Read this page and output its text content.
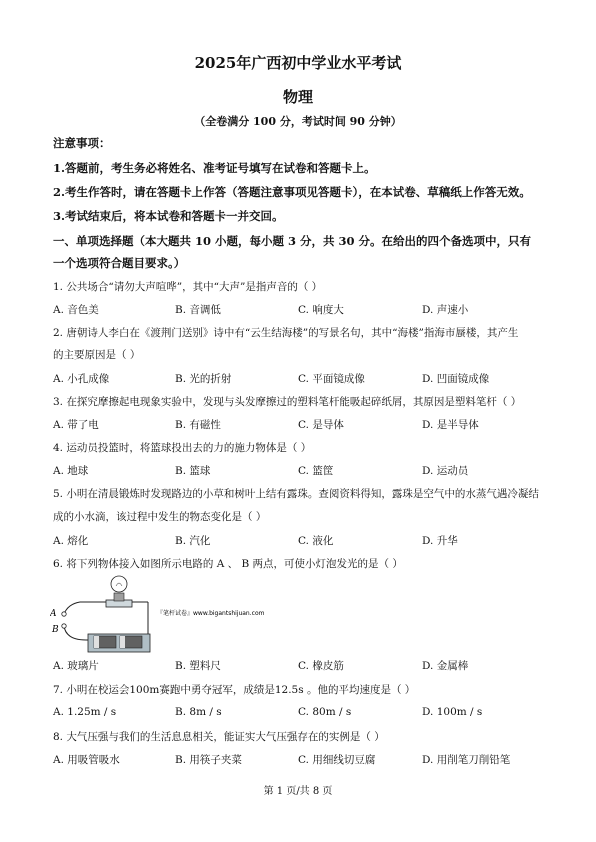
2025年广西初中学业水平考试
物理
（全卷满分 100 分，考试时间 90 分钟）
注意事项：
1.答题前，考生务必将姓名、准考证号填写在试卷和答题卡上。
2.考生作答时，请在答题卡上作答（答题注意事项见答题卡），在本试卷、草稿纸上作答无效。
3.考试结束后，将本试卷和答题卡一并交回。
一、单项选择题（本大题共 10 小题，每小题 3 分，共 30 分。在给出的四个备选项中，只有
一个选项符合题目要求。）
1. 公共场合“请勿大声喧哗”，其中“大声”是指声音的（ ）
A. 音色美	B. 音调低	C. 响度大	D. 声速小
2. 唐朝诗人李白在《渡荆门送别》诗中有“云生结海楼”的写景名句，其中“海楼”指海市蜃楼，其产生
的主要原因是（ ）
A. 小孔成像	B. 光的折射	C. 平面镜成像	D. 凹面镜成像
3. 在探究摩擦起电现象实验中，发现与头发摩擦过的塑料笔杆能吸起碎纸屑，其原因是塑料笔杆（ ）
A. 带了电	B. 有磁性	C. 是导体	D. 是半导体
4. 运动员投篮时，将篮球投出去的力的施力物体是（ ）
A. 地球	B. 篮球	C. 篮筐	D. 运动员
5. 小明在清晨锻炼时发现路边的小草和树叶上结有露珠。查阅资料得知，露珠是空气中的水蒸气遇冷凝结
成的小水滴，该过程中发生的物态变化是（ ）
A. 熔化	B. 汽化	C. 液化	D. 升华
6. 将下列物体接入如图所示电路的 A 、 B 两点，可使小灯泡发光的是（ ）
A
B
『笔杆试卷』www.bigantshijuan.com
A. 玻璃片	B. 塑料尺	C. 橡皮筋	D. 金属棒
7. 小明在校运会100m赛跑中勇夺冠军，成绩是12.5s 。他的平均速度是（ ）
A. 1.25m / s	B. 8m / s	C. 80m / s	D. 100m / s
8. 大气压强与我们的生活息息相关，能证实大气压强存在的实例是（ ）
A. 用吸管吸水	B. 用筷子夹菜	C. 用细线切豆腐	D. 用削笔刀削铅笔
第 1 页/共 8 页
